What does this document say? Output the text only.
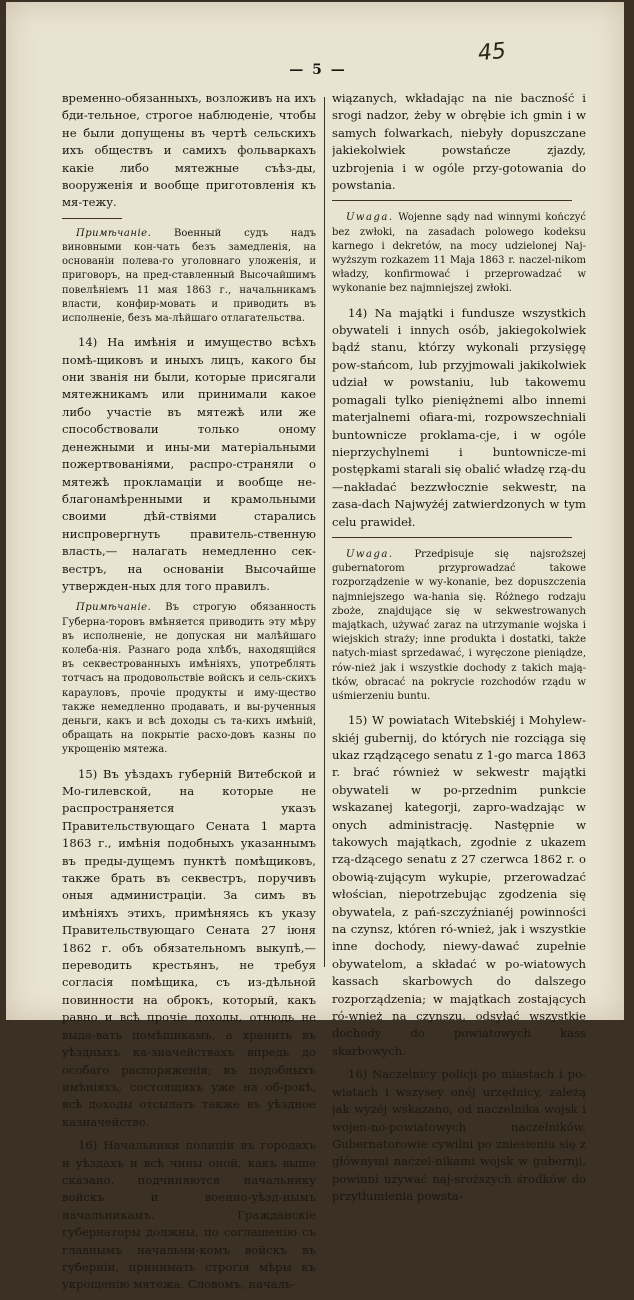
45
— 5 —

временно-обязанныхъ, возложивъ на ихъ бди-тельное, строгое наблюденіе, чтобы не были допущены въ чертѣ сельскихъ ихъ обществъ и самихъ фольваркахъ какіе либо мятежные съѣз-ды, вооруженія и вообще приготовленія къ мя-тежу.

Примѣчаніе. Военный судъ надъ виновными кон-чать безъ замедленія, на основаніи полева-го уголовнаго уложенія, и приговоръ, на пред-ставленный Высочайшимъ повелѣніемъ 11 мая 1863 г., начальникамъ власти, конфир-мовать и приводить въ исполненіе, безъ ма-лѣйшаго отлагательства.

14) На имѣнія и имущество всѣхъ помѣ-щиковъ и иныхъ лицъ, какого бы они званія ни были, которые присягали мятежникамъ или принимали какое либо участіе въ мятежѣ или же способствовали только оному денежными и ины-ми матеріальными пожертвованіями, распро-страняли о мятежѣ прокламаціи и вообще не-благонамѣренными и крамольными своими дѣй-ствіями старались ниспровергнуть правитель-ственную власть,— налагать немедленно сек-вестръ, на основаніи Высочайше утвержден-ных для того правилъ.

Примѣчаніе. Въ строгую обязанность Губерна-торовъ вмѣняется приводить эту мѣру въ исполненіе, не допуская ни малѣйшаго колеба-нія. Разнаго рода хлѣбъ, находящійся въ секвестрованныхъ имѣніяхъ, употреблять тотчасъ на продовольствіе войскъ и сель-скихъ карауловъ, прочіе продукты и иму-щество также немедленно продавать, и вы-рученныя деньги, какъ и всѣ доходы съ та-кихъ имѣній, обращать на покрытіе расхо-довъ казны по укрощенію мятежа.

15) Въ уѣздахъ губерній Витебской и Мо-гилевской, на которые не распространяется указъ Правительствующаго Сената 1 марта 1863 г., имѣнія подобныхъ указаннымъ въ преды-дущемъ пунктѣ помѣщиковъ, также брать въ секвестръ, поручивъ оныя администраціи. За симъ въ имѣніяхъ этихъ, примѣняясь къ указу Правительствующаго Сената 27 іюня 1862 г. объ обязательномъ выкупѣ,— переводить крестьянъ, не требуя согласія помѣщика, съ из-дѣльной повинности на оброкъ, который, какъ равно и всѣ прочіе доходы, отнюдь не выда-вать помѣщикамъ, а хранить въ уѣздныхъ ка-значействахъ впредь до особаго распоряженія; въ подобныхъ имѣніяхъ, состоящихъ уже на об-рокѣ, всѣ доходы отсылать также въ уѣздное казначейство.

16) Начальники полиціи въ городахъ и уѣздахъ и всѣ чины оной, какъ выше сказано, подчиняются начальнику войскъ и военно-уѣзд-нымъ начальникамъ. Гражданскіе губернаторы должны, по соглашенію съ главнымъ начальни-комъ войскъ въ губерніи, принимать строгія мѣры къ укрощенію мятежа. Словомъ, началь-

wiązanych, wkładając na nie baczność i srogi nadzor, żeby w obrębie ich gmin i w samych folwarkach, niebyły dopuszczane jakiekolwiek powstańcze zjazdy, uzbrojenia i w ogóle przy-gotowania do powstania.

Uwaga. Wojenne sądy nad winnymi kończyć bez zwłoki, na zasadach polowego kodeksu karnego i dekretów, na mocy udzielonej Naj-wyższym rozkazem 11 Maja 1863 r. naczel-nikom władzy, konfirmować i przeprowadzać w wykonanie bez najmniejszej zwłoki.

14) Na majątki i fundusze wszystkich obywateli i innych osób, jakiegokolwiek bądź stanu, którzy wykonali przysięgę pow-stańcom, lub przyjmowali jakikolwiek udział w powstaniu, lub takowemu pomagali tylko pieniężnemi albo innemi materjalnemi ofiara-mi, rozpowszechniali buntownicze proklama-cje, i w ogóle nieprzychylnemi i buntownicze-mi postępkami starali się obalić władzę rzą-du—nakładać bezzwłocznie sekwestr, na zasa-dach Najwyżéj zatwierdzonych w tym celu prawideł.

Uwaga. Przedpisuje się najsroższej gubernatorom przyprowadzać takowe rozporządzenie w wy-konanie, bez dopuszczenia najmniejszego wa-hania się. Różnego rodzaju zboże, znajdujące się w sekwestrowanych majątkach, używać zaraz na utrzymanie wojska i wiejskich straży; inne produkta i dostatki, także natych-miast sprzedawać, i wyręczone pieniądze, rów-nież jak i wszystkie dochody z takich mają-tków, obracać na pokrycie rozchodów rządu w uśmierzeniu buntu.

15) W powiatach Witebskiéj i Mohylew-skiéj gubernij, do których nie rozciąga się ukaz rządzącego senatu z 1-go marca 1863 r. brać również w sekwestr majątki obywateli w po-przednim punkcie wskazanej kategorji, zapro-wadzając w onych administrację. Następnie w takowych majątkach, zgodnie z ukazem rzą-dzącego senatu z 27 czerwca 1862 r. o obowią-zującym wykupie, przerowadzać włościan, niepotrzebując zgodzenia się obywatela, z pań-szczyźnianéj powinności na czynsz, któren ró-wnież, jak i wszystkie inne dochody, niewy-dawać zupełnie obywatelom, a składać w po-wiatowych kassach skarbowych do dalszego rozporządzenia; w majątkach zostających ró-wnież na czynszu, odsyłać wszystkie dochody do powiatowych kass skarbowych.

16) Naczelnicy policji po miastach i po-wiatach i wszysey onéj urzędnicy, zależą jak wyżéj wskazano, od naczelnika wojsk i wojen-no-powiatowych naczelników. Gubernatorowie cywilni po zniesieniu się z głównymi naczel-nikami wojsk w gubernji, powinni używać naj-sroższych środków do przytłumienia powsta-
